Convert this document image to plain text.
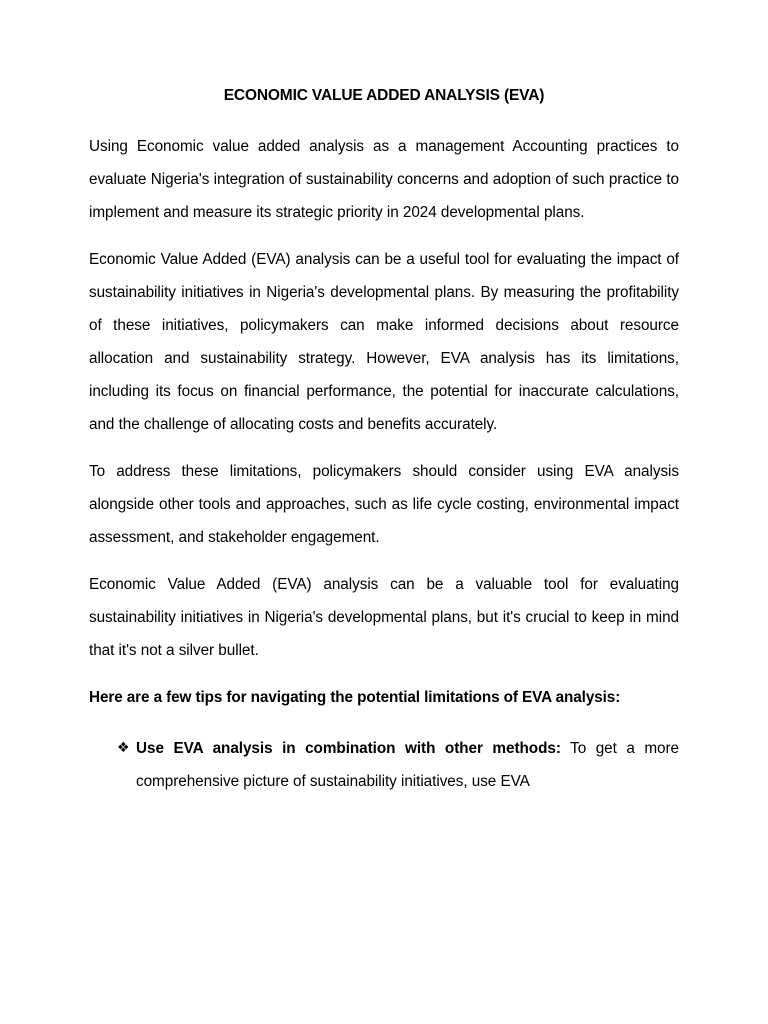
ECONOMIC VALUE ADDED ANALYSIS (EVA)

Using Economic value added analysis as a management Accounting practices to evaluate Nigeria's integration of sustainability concerns and adoption of such practice to implement and measure its strategic priority in 2024 developmental plans.

Economic Value Added (EVA) analysis can be a useful tool for evaluating the impact of sustainability initiatives in Nigeria's developmental plans. By measuring the profitability of these initiatives, policymakers can make informed decisions about resource allocation and sustainability strategy. However, EVA analysis has its limitations, including its focus on financial performance, the potential for inaccurate calculations, and the challenge of allocating costs and benefits accurately.

To address these limitations, policymakers should consider using EVA analysis alongside other tools and approaches, such as life cycle costing, environmental impact assessment, and stakeholder engagement.

Economic Value Added (EVA) analysis can be a valuable tool for evaluating sustainability initiatives in Nigeria's developmental plans, but it's crucial to keep in mind that it's not a silver bullet.

Here are a few tips for navigating the potential limitations of EVA analysis:

❖ Use EVA analysis in combination with other methods: To get a more comprehensive picture of sustainability initiatives, use EVA
